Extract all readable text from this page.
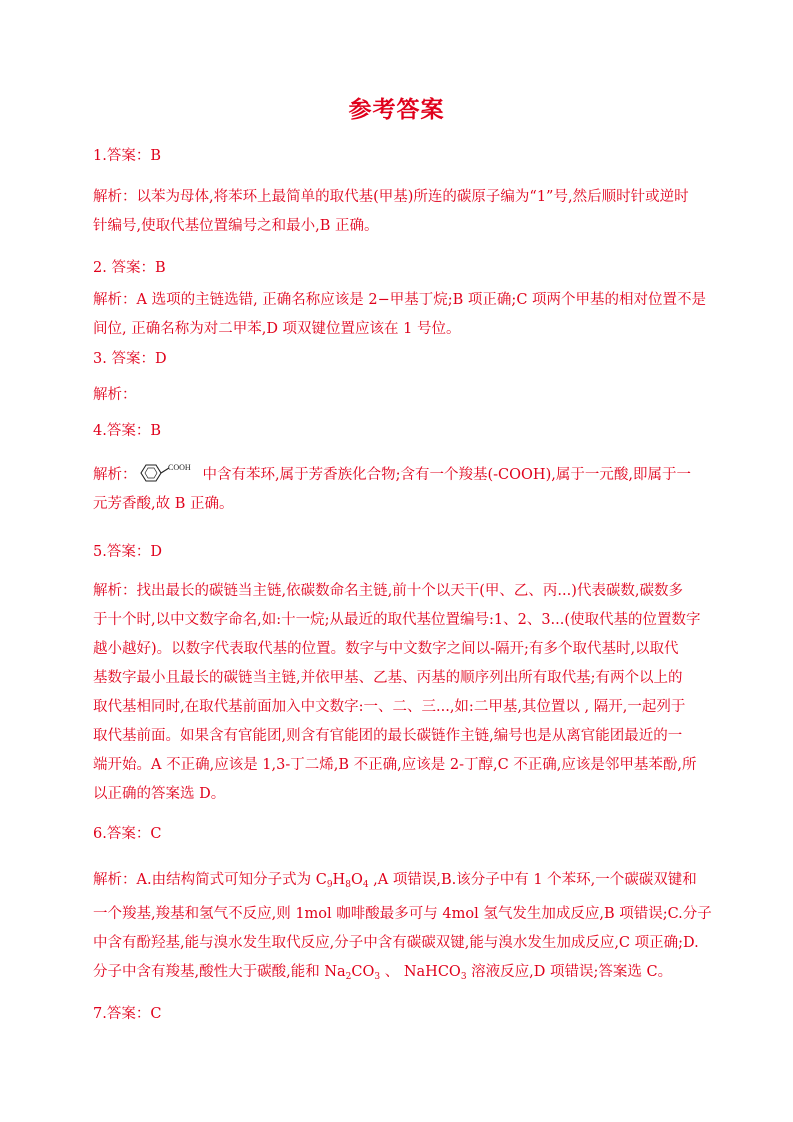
参考答案
1.答案：B
解析：以苯为母体,将苯环上最简单的取代基(甲基)所连的碳原子编为“1”号,然后顺时针或逆时
针编号,使取代基位置编号之和最小,B 正确。
2. 答案：B
解析：A 选项的主链选错, 正确名称应该是 2−甲基丁烷;B 项正确;C 项两个甲基的相对位置不是
间位, 正确名称为对二甲苯,D 项双键位置应该在 1 号位。
3. 答案：D
解析：
4.答案：B
解析：	COOH 中含有苯环,属于芳香族化合物;含有一个羧基(-COOH),属于一元酸,即属于一
元芳香酸,故 B 正确。
5.答案：D
解析：找出最长的碳链当主链,依碳数命名主链,前十个以天干(甲、乙、丙...)代表碳数,碳数多
于十个时,以中文数字命名,如:十一烷;从最近的取代基位置编号:1、2、3...(使取代基的位置数字
越小越好)。以数字代表取代基的位置。数字与中文数字之间以-隔开;有多个取代基时,以取代
基数字最小且最长的碳链当主链,并依甲基、乙基、丙基的顺序列出所有取代基;有两个以上的
取代基相同时,在取代基前面加入中文数字:一、二、三...,如:二甲基,其位置以 , 隔开,一起列于
取代基前面。如果含有官能团,则含有官能团的最长碳链作主链,编号也是从离官能团最近的一
端开始。A 不正确,应该是 1,3-丁二烯,B 不正确,应该是 2-丁醇,C 不正确,应该是邻甲基苯酚,所
以正确的答案选 D。
6.答案：C
解析：A.由结构简式可知分子式为 $C_9H_8O_4$ ,A 项错误,B.该分子中有 1 个苯环,一个碳碳双键和
一个羧基,羧基和氢气不反应,则 1mol 咖啡酸最多可与 4mol 氢气发生加成反应,B 项错误;C.分子
中含有酚羟基,能与溴水发生取代反应,分子中含有碳碳双键,能与溴水发生加成反应,C 项正确;D.
分子中含有羧基,酸性大于碳酸,能和 $Na_2CO_3$ 、 NaHCO$_3$ 溶液反应,D 项错误;答案选 C。
7.答案：C
